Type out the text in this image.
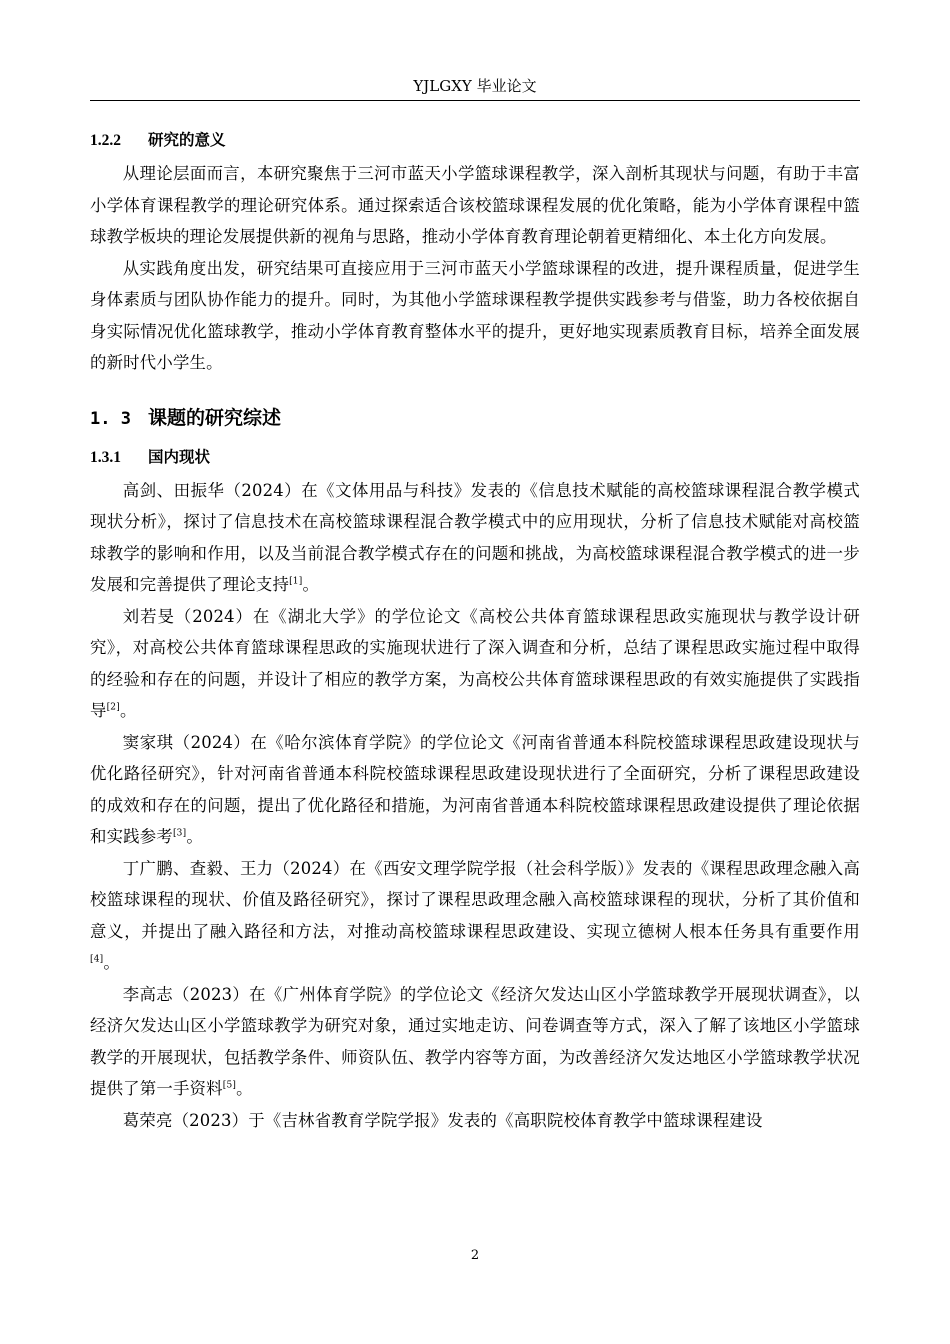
YJLGXY 毕业论文
1.2.2 研究的意义

从理论层面而言，本研究聚焦于三河市蓝天小学篮球课程教学，深入剖析其现状与问题，有助于丰富小学体育课程教学的理论研究体系。通过探索适合该校篮球课程发展的优化策略，能为小学体育课程中篮球教学板块的理论发展提供新的视角与思路，推动小学体育教育理论朝着更精细化、本土化方向发展。

从实践角度出发，研究结果可直接应用于三河市蓝天小学篮球课程的改进，提升课程质量，促进学生身体素质与团队协作能力的提升。同时，为其他小学篮球课程教学提供实践参考与借鉴，助力各校依据自身实际情况优化篮球教学，推动小学体育教育整体水平的提升，更好地实现素质教育目标，培养全面发展的新时代小学生。

1. 3 课题的研究综述
1.3.1 国内现状

高剑、田振华（2024）在《文体用品与科技》发表的《信息技术赋能的高校篮球课程混合教学模式现状分析》，探讨了信息技术在高校篮球课程混合教学模式中的应用现状，分析了信息技术赋能对高校篮球教学的影响和作用，以及当前混合教学模式存在的问题和挑战，为高校篮球课程混合教学模式的进一步发展和完善提供了理论支持[1]。

刘若旻（2024）在《湖北大学》的学位论文《高校公共体育篮球课程思政实施现状与教学设计研究》，对高校公共体育篮球课程思政的实施现状进行了深入调查和分析，总结了课程思政实施过程中取得的经验和存在的问题，并设计了相应的教学方案，为高校公共体育篮球课程思政的有效实施提供了实践指导[2]。

窦家琪（2024）在《哈尔滨体育学院》的学位论文《河南省普通本科院校篮球课程思政建设现状与优化路径研究》，针对河南省普通本科院校篮球课程思政建设现状进行了全面研究，分析了课程思政建设的成效和存在的问题，提出了优化路径和措施，为河南省普通本科院校篮球课程思政建设提供了理论依据和实践参考[3]。

丁广鹏、查毅、王力（2024）在《西安文理学院学报（社会科学版）》发表的《课程思政理念融入高校篮球课程的现状、价值及路径研究》，探讨了课程思政理念融入高校篮球课程的现状，分析了其价值和意义，并提出了融入路径和方法，对推动高校篮球课程思政建设、实现立德树人根本任务具有重要作用[4]。

李高志（2023）在《广州体育学院》的学位论文《经济欠发达山区小学篮球教学开展现状调查》，以经济欠发达山区小学篮球教学为研究对象，通过实地走访、问卷调查等方式，深入了解了该地区小学篮球教学的开展现状，包括教学条件、师资队伍、教学内容等方面，为改善经济欠发达地区小学篮球教学状况提供了第一手资料[5]。

葛荣亮（2023）于《吉林省教育学院学报》发表的《高职院校体育教学中篮球课程建设

2
